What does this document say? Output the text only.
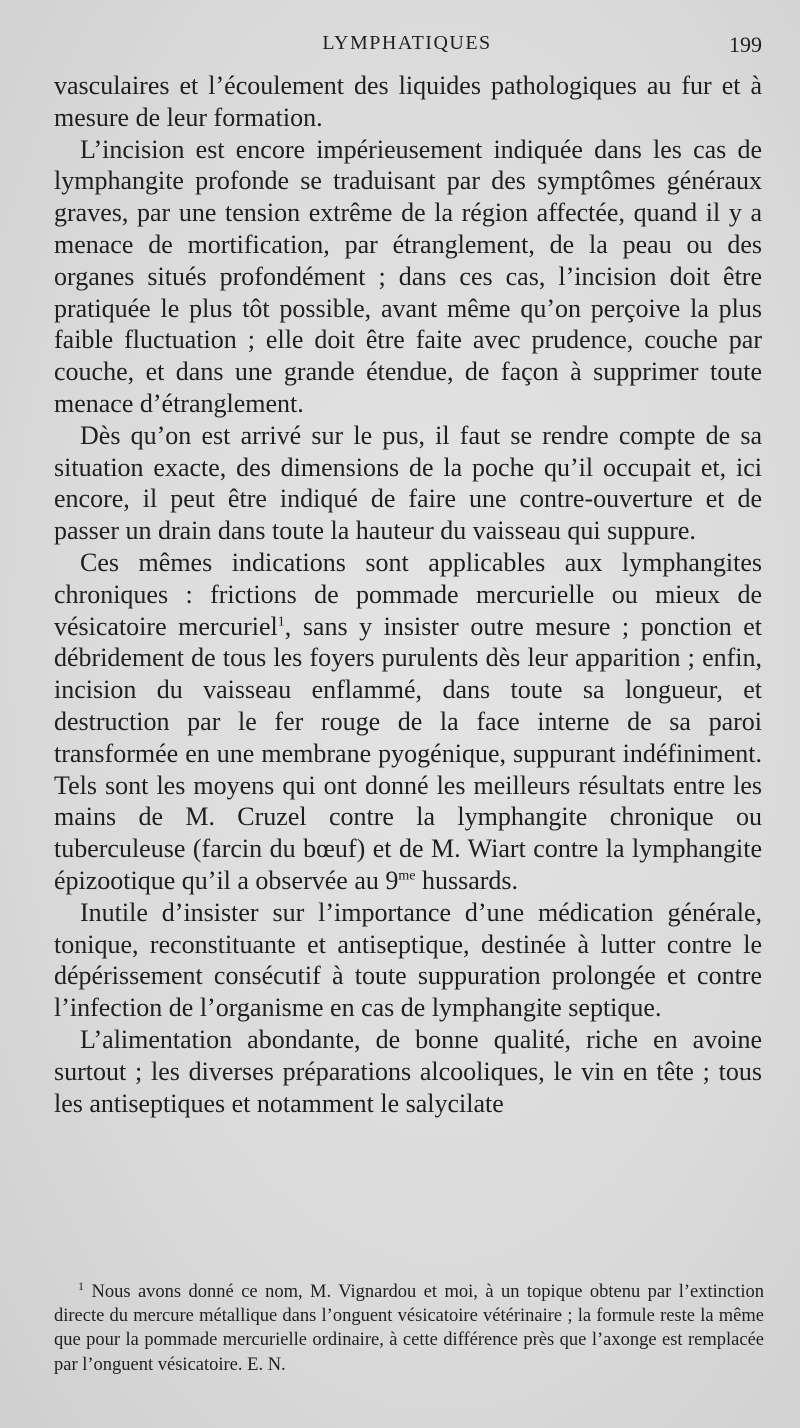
LYMPHATIQUES	199

vasculaires et l’écoulement des liquides pathologiques au fur et à mesure de leur formation.

L’incision est encore impérieusement indiquée dans les cas de lymphangite profonde se traduisant par des symptômes généraux graves, par une tension extrême de la région affectée, quand il y a menace de mortification, par étranglement, de la peau ou des organes situés profondément ; dans ces cas, l’incision doit être pratiquée le plus tôt possible, avant même qu’on perçoive la plus faible fluctuation ; elle doit être faite avec prudence, couche par couche, et dans une grande étendue, de façon à supprimer toute menace d’étranglement.

Dès qu’on est arrivé sur le pus, il faut se rendre compte de sa situation exacte, des dimensions de la poche qu’il occupait et, ici encore, il peut être indiqué de faire une contre-ouverture et de passer un drain dans toute la hauteur du vaisseau qui suppure.

Ces mêmes indications sont applicables aux lymphangites chroniques : frictions de pommade mercurielle ou mieux de vésicatoire mercuriel$^1$, sans y insister outre mesure ; ponction et débridement de tous les foyers purulents dès leur apparition ; enfin, incision du vaisseau enflammé, dans toute sa longueur, et destruction par le fer rouge de la face interne de sa paroi transformée en une membrane pyogénique, suppurant indéfiniment. Tels sont les moyens qui ont donné les meilleurs résultats entre les mains de M. Cruzel contre la lymphangite chronique ou tuberculeuse (farcin du bœuf) et de M. Wiart contre la lymphangite épizootique qu’il a observée au $9^{me}$ hussards.

Inutile d’insister sur l’importance d’une médication générale, tonique, reconstituante et antiseptique, destinée à lutter contre le dépérissement consécutif à toute suppuration prolongée et contre l’infection de l’organisme en cas de lymphangite septique.

L’alimentation abondante, de bonne qualité, riche en avoine surtout ; les diverses préparations alcooliques, le vin en tête ; tous les antiseptiques et notamment le salycilate

$^1$ Nous avons donné ce nom, M. Vignardou et moi, à un topique obtenu par l’extinction directe du mercure métallique dans l’onguent vésicatoire vétérinaire ; la formule reste la même que pour la pommade mercurielle ordinaire, à cette différence près que l’axonge est remplacée par l’onguent vésicatoire. E. N.
